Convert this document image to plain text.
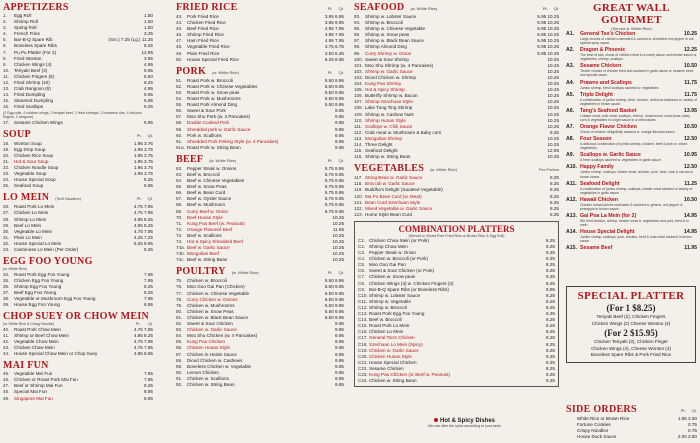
APPETIZERS
1.	Egg Roll	1.50
2.	Shrimp Roll	1.50
3.	Spring Roll	1.50
4.	French Fries	3.25
5.	Bar-B-Q Spare Rib	(Sm.) 7.25 (Lg.) 11.25
6.	Boneless Spare Ribs	8.25
7.	Pu Pu Platter (For 2)	12.95
8.	Fried Wonton	3.95
9.	Chicken Wings (4)	4.95
10.	Teriyaki Beef (3)	6.95
11.	Chicken Fingers (5)	5.50
12.	Fried Shrimp (10)	8.25
13.	Crab Rangoon (6)	4.95
14.	Fried Dumpling	6.95
15.	Steamed Dumpling	6.95
16.	Fried Scallops	8.25
(2 Egg rolls, 4 chicken wings, 2 teriyaki beef, 2 fried shrimps, 2 boneless ribs, 4 chicken fingers, 2 rangoon)
17.	Sesame Chicken Wings	6.95
SOUP	Pt. Qt.
18.	Wonton Soup	1.95 3.75
19.	Egg Drop Soup	1.95 3.75
20.	Chicken Rice Soup	1.95 3.75
21.	Hot & Sour Soup	1.95 3.75
22.	Chicken Noodle Soup	1.95 3.75
23.	Vegetable Soup	1.95 3.75
24.	House Special Soup	6.25
25.	Seafood Soup	6.95
LO MEIN (Soft Noodles)	Pt. Qt.
26.	Roast Pork Lo Mein	4.75 7.95
27.	Chicken Lo Mein	4.75 7.95
28.	Shrimp Lo Mein	4.95 8.25
29.	Beef Lo Mein	4.95 8.25
30.	Vegetable Lo Mein	4.75 7.95
31.	Plain Lo Mein	4.25 7.25
32.	House Special Lo Mein	5.25 8.95
33.	Cantonese Lo Mein (Per Order)	9.25
EGG FOO YOUNG
(w. White Rice)
34.	Roast Pork Egg Foo Young	7.95
35.	Chicken Egg Foo Young	7.95
36.	Shrimp Egg Foo Young	8.25
37.	Beef Egg Foo Young	8.25
38.	Vegetable or Mushroom Egg Foo Young	7.95
39.	House Egg Foo Young	8.95
CHOP SUEY OR CHOW MEIN
(w. White Rice & Crispy Noodle)	Pt. Qt.
40.	Roast Pork Chow Mein	4.75 7.95
41.	Shrimp or Beef Chow Mein	4.95 8.25
42.	Vegetable Chow Mein	4.75 7.95
43.	Chicken Chow Mein	4.75 7.95
44.	House Special Chow Mein or Chop Suey	4.95 8.95
MAI FUN
45.	Vegetable Mei Fun	7.95
46.	Chicken or Roast Pork Mai Fun	7.95
47.	Beef or Shrimp Mai Fun	8.25
48.	Special Mai Fun	8.95
49.	Singapore Mai Fun	8.95
FRIED RICE	Pt. Qt.
43.	Pork Fried Rice	3.95 6.95
44.	Chicken Fried Rice	3.95 6.95
45.	Beef Fried Rice	4.95 7.95
46.	Shrimp Fried Rice	4.95 7.95
47.	Ham Fried Rice	4.95 7.95
48.	Vegetable Fried Rice	3.75 6.75
49.	Plain Fried Rice	3.50 6.25
50.	House Special Fried Rice	5.25 8.95
PORK (w. White Rice)	Pt. Qt.
51.	Roast Pork w. Broccoli	5.50 9.95
52.	Roast Pork w. Chinese Vegetables	5.50 9.95
53.	Roast Pork w. Snow peas	5.50 9.95
54.	Roast Pork w. Mushrooms	5.50 9.95
55.	Roast Pork Almond Ding	5.50 9.95
56.	Sweet & Sour Pork	9.95
57.	Moo Shu Pork (w. 4 Pancakes)	9.95
58.	Double Cooked Pork	9.95
59.	Shredded pork w. Garlic Sauce	9.95
60.	Pork w. Scallions	9.95
61.	Shredded Pork Peking Style (w. 4 Pancakes)	9.95
61a. Roast Pork w. String Bean	9.95
BEEF (w. White Rice)	Pt. Qt.
62.	Pepper Steak w. Onions	5.75 9.95
63.	Beef w. Broccoli	5.75 9.95
64.	Beef w. Chinese Vegetables	5.75 9.95
65.	Beef w. Snow Peas	5.75 9.95
66.	Beef w. Bean Curd	5.75 9.95
67.	Beef w. Oyster Sauce	5.75 9.95
68.	Beef w. Mushroom	5.75 9.95
69.	Curry Beef w. Onion	5.75 9.95
70.	Beef Hunan Style	10.25
71.	Kung Pao Beef (w. Peanuts)	10.25
72.	Orange Flavored Beef	11.95
73.	Beef w. Scallions	10.25
74.	Hot & Spicy Shredded Beef	10.25
74a. Beef w. Garlic Sauce	10.25
74b. Mongolian Beef	10.25
74c. Beef w. String Bean	10.25
POULTRY (w. White Rice)	Pt. Qt.
75.	Chicken w. Broccoli	5.50 9.95
76.	Moo Goo Gai Pan (Chicken)	5.50 9.95
77.	Chicken w. Chinese Vegetable	5.50 9.95
78.	Curry Chicken w. Onions	5.50 9.95
79.	Chicken w. Mushrooms	5.50 9.95
80.	Chicken w. Snow Peas	5.50 9.95
81.	Chicken w. Black Bean Sauce	5.50 9.95
82.	Sweet & Sour Chicken	9.95
83.	Chicken w. Garlic Sauce	9.95
84.	Moo Shu Chicken (w. 4 Pancakes)	9.95
85.	Kung Pao Chicken	9.95
86.	Chicken Hunan Style	9.95
87.	Chicken in Hoisin Sauce	9.95
88.	Diced Chicken w. Cashews	9.95
89.	Boneless Chicken w. Vegetable	9.95
90.	Lemon Chicken	9.95
91.	Chicken w. Scallions	9.95
92.	Chicken w. String Bean	9.95
SEAFOOD (w. White Rice)	Pt. Qt.
93.	Shrimp w. Lobster Sauce	5.95 10.25
94.	Shrimp w. Broccoli	5.95 10.25
95.	Shrimp w. Chinese Vegetable	5.95 10.25
96.	Shrimp w. Snow peas	5.95 10.25
97.	Shrimp w. Black Bean Sauce	5.95 10.25
98.	Shrimp Almond Ding	5.95 10.25
99.	Curry Shrimp w. Onion	5.95 10.25
100. Sweet & Sour Shrimp	10.25
101. Moo Shu Shrimp (w. 4 Pancakes)	10.25
102. Shrimp w. Garlic Sauce	10.25
103. Diced Chicken w. Shrimp	10.25
104. Kung Pao Shrimp	10.25
105. Hot & Spicy Shrimp	10.25
106. Butterfly Shrimp w. Bacon	10.25
107. Shrimp Szechuan Style	10.25
108. Lake Tung Ting Shrimp	10.25
109. Shrimp w. Cashew Nuts	10.25
110. Shrimp Hunan Style	10.25
111. Scallops w. Chili Sauce	10.25
112. Crab meat w. Mushroom & Baby corn	9.25
113. Mongolian Shrimp	10.25
114. Three Delight	10.25
115. Seafood Delight	12.95
116. Shrimp w. String Bean	10.25
VEGETABLES (w. White Rice)	Per Portion
117. String Bean w. Garlic Sauce	8.25
118. Broccoli w. Garlic Sauce	8.25
119. Buddha's Delight (Sauteed Vegetable)	8.25
120. Ma Po Bean Curd (w. Meat)	8.25
121. Bean Curd Szechuan Style	8.25
122. Mixed Vegetable w. Garlic Sauce	8.25
123. Home Style Bean Curd	8.25
COMBINATION PLATTERS
(Served w. Roast Pork Fried Rice or Brown Rice & Egg Roll)
C1. Chicken Chow Mein (or Pork)	8.25
C2. Shrimp Chow Mein	8.25
C3. Pepper Steak w. Onion	8.25
C4. Chicken w. Broccoli (or Pork)	8.25
C5. Moo Goo Gai Pan	8.25
C6. Sweet & Sour Chicken (or Pork)	8.25
C7. Chicken w. Snow peas	8.25
C8. Chicken Wings (4) w. Chicken Fingers (3)	8.25
C9. Bar-B-Q Spare Ribs (or Boneless Ribs)	8.95
C10. Shrimp w. Lobster Sauce	8.25
C11. Shrimp w. Vegetable	8.25
C12. Shrimp w. Broccoli	8.25
C13. Roast Pork Egg Foo Young	8.25
C14. Beef w. Broccoli	8.25
C15. Roast Pork Lo Mein	8.25
C16. Chicken Lo Mein	8.25
C17. General Tso's Chicken	8.25
C18. Szechuan Lo Mein (Spicy)	8.25
C19. Chicken w. Garlic Sauce	8.25
C20. Chicken Hunan Style	8.25
C21. House Special Chicken	8.25
C22. Sesame Chicken	8.25
C23. Kung Pao Chicken (or Beef w. Peanuts)	8.25
C24. Chicken w. String Bean	8.25
Hot & Spicy Dishes
We can alter the spice according to your taste
GREAT WALL GOURMET
(Served w. White Rice)
A1.	General Tso's Chicken	10.25
Large chunks of chicken marinated & cooked w. shredded red pepper in our special spicy sauce.
A2.	Dragon & Phoenix	12.25
The best of sea, chunk of chicken meat in a lovely sauce and lobster sauce w. vegetables, shrimp, scallops.
A3.	Sesame Chicken	10.50
Tender chunks of chicken fried and sauteed in garlic sauce w. sesame seed and special sauce.
A4.	Prawns and Scallops	11.75
Jumbo shrimp, fresh scallops sauteed w. vegetables.
A5.	Triple Delight	11.75
A combination of jumbo shrimp, beef, chicken, delicious balanced w. variety of vegetables in brown sauce.
A6.	Tang's Seafood Basket	13.95
Lobster meat, crab meat, scallops, shrimp, mushrooms, snow peas, baby corn & vegetables in a light sauce in a nest basket.
A7.	Orange Flavor Chicken	10.50
Chunk of chicken delightfully sauteed w. orange flavored sauce.
A8.	Four Season	12.50
A delicious combination of jumbo shrimp, chicken, beef & pork w. mixed vegetables.
A9.	Scallops w. Garlic Sauce	10.95
A fresh scallops sauteed w. vegetables in garlic sauce.
A10. Happy Family	12.50
Jumbo shrimp, scallops, lobster meat, chicken, pork, beef, crab & carrots in brown sauce.
A11. Seafood Delight	11.25
A combination of jumbo shrimp, scallops, lobster meat sauteed in variety of vegetables in garlic sauce.
A12. Hawaii Chicken	10.50
Chicken breast pieces marinated & sauteed w. greens, red pepper & pineapple in brown sauce.
A13. Gai Poa La Mein (for 2)	14.95
Stir fried chicken, shrimp, lobster meat w. vegetables and pork, fried in lo mein.
A14. House Special Delight	14.95
Jumbo shrimp, scallops, pork, chicken, beef & crab meat sauteed in brown sauce.
A15. Sesame Beef	11.95
SPECIAL PLATTER
(For 1 $8.25)
Teriyaki Beef (2), Chicken Fingers
Chicken Wings (2) Cheese Wonton (4)
(For 2 $15.95)
Chicken Teriyaki (3), Chicken Finger
Chicken Wings (4), Cheese Wonton (4)
Boneless Spare Ribs & Pork Fried Rice
SIDE ORDERS	Pt. Qt.
White Rice or Brown Rice	1.95 3.00
Fortune Cookies	0.75
Crispy Noodles	0.75
House Duck Sauce	2.00 3.50
